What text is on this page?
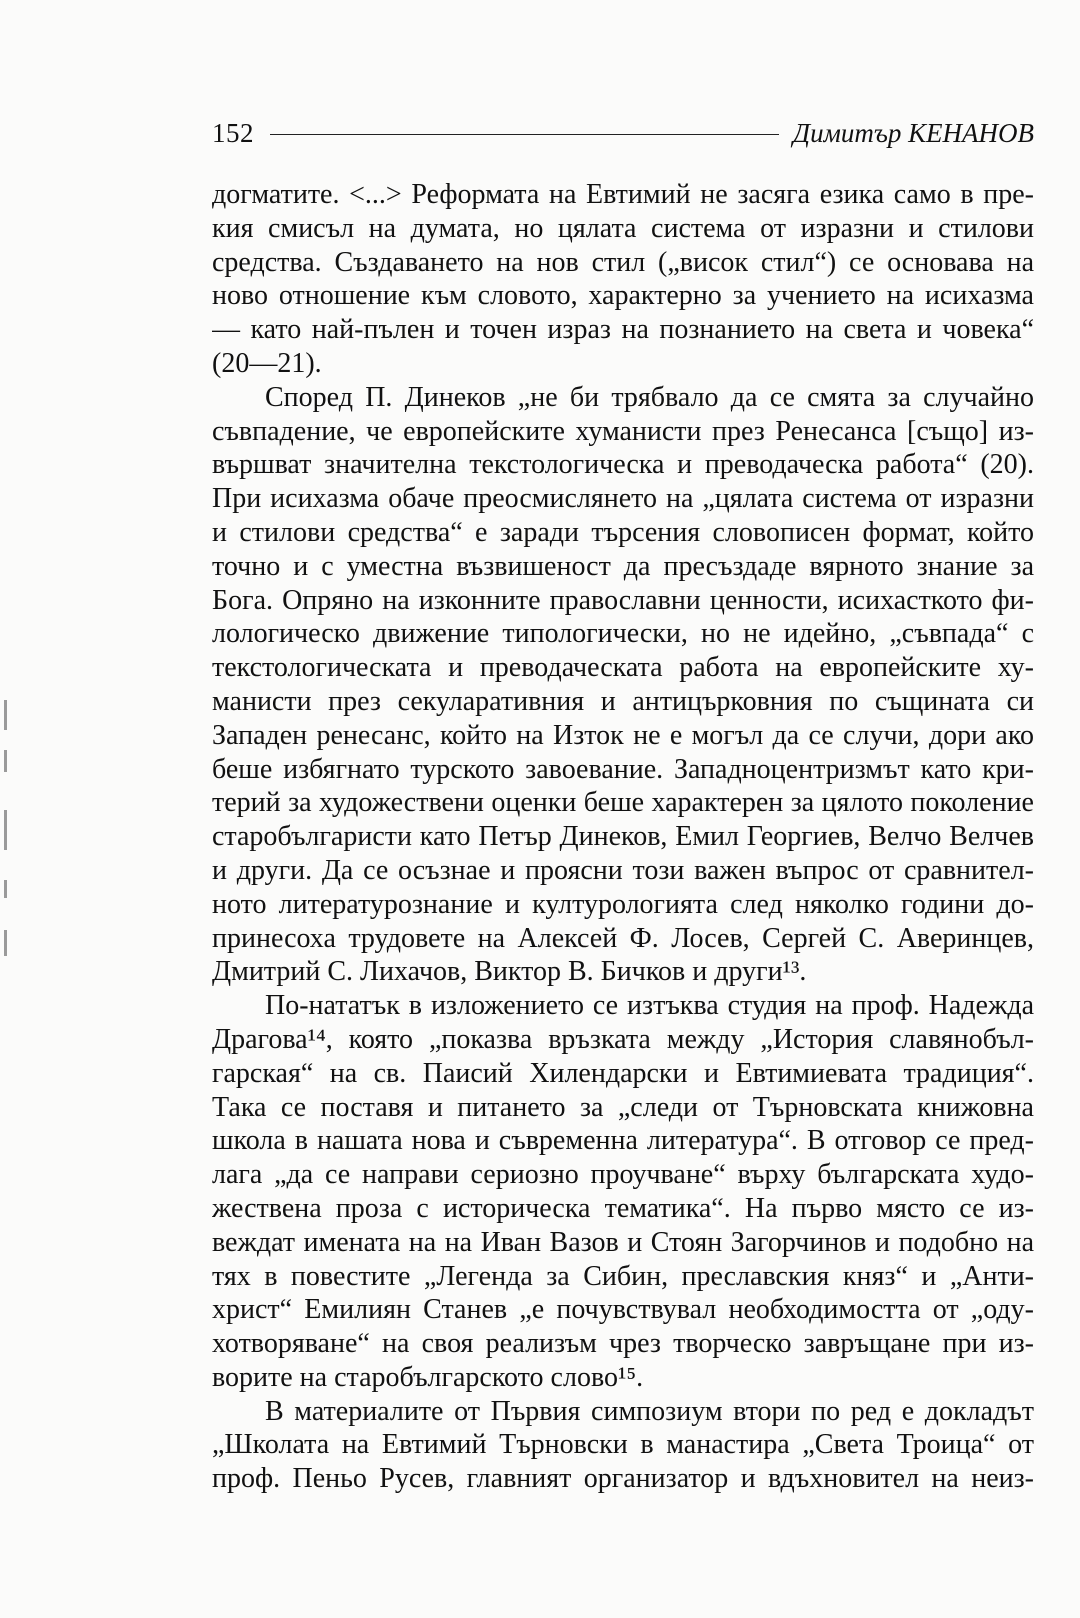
152	Димитър КЕНАНОВ
догматите. <...> Реформата на Евтимий не засяга езика само в пре-
кия смисъл на думата, но цялата система от изразни и стилови
средства. Създаването на нов стил („висок стил“) се основава на
ново отношение към словото, характерно за учението на исихазма
— като най-пълен и точен израз на познанието на света и човека“
(20—21).
Според П. Динеков „не би трябвало да се смята за случайно
съвпадение, че европейските хуманисти през Ренесанса [също] из-
вършват значителна текстологическа и преводаческа работа“ (20).
При исихазма обаче преосмислянето на „цялата система от изразни
и стилови средства“ е заради търсения словописен формат, който
точно и с уместна възвишеност да пресъздаде вярното знание за
Бога. Опряно на изконните православни ценности, исихасткото фи-
лологическо движение типологически, но не идейно, „съвпада“ с
текстологическата и преводаческата работа на европейските ху-
манисти през секуларативния и антицърковния по същината си
Западен ренесанс, който на Изток не е могъл да се случи, дори ако
беше избягнато турското завоевание. Западноцентризмът като кри-
терий за художествени оценки беше характерен за цялото поколение
старобългаристи като Петър Динеков, Емил Георгиев, Велчо Велчев
и други. Да се осъзнае и проясни този важен въпрос от сравнител-
ното литературознание и културологията след няколко години до-
принесоха трудовете на Алексей Ф. Лосев, Сергей С. Аверинцев,
Дмитрий С. Лихачов, Виктор В. Бичков и други¹³.
По-нататък в изложението се изтъква студия на проф. Надежда
Драгова¹⁴, която „показва връзката между „История славянобъл-
гарская“ на св. Паисий Хилендарски и Евтимиевата традиция“.
Така се поставя и питането за „следи от Търновската книжовна
школа в нашата нова и съвременна литература“. В отговор се пред-
лага „да се направи сериозно проучване“ върху българската худо-
жествена проза с историческа тематика“. На първо място се из-
веждат имената на на Иван Вазов и Стоян Загорчинов и подобно на
тях в повестите „Легенда за Сибин, преславския княз“ и „Анти-
христ“ Емилиян Станев „е почувствувал необходимостта от „оду-
хотворяване“ на своя реализъм чрез творческо завръщане при из-
ворите на старобългарското слово¹⁵.
В материалите от Първия симпозиум втори по ред е докладът
„Школата на Евтимий Търновски в манастира „Света Троица“ от
проф. Пеньо Русев, главният организатор и вдъхновител на неиз-
